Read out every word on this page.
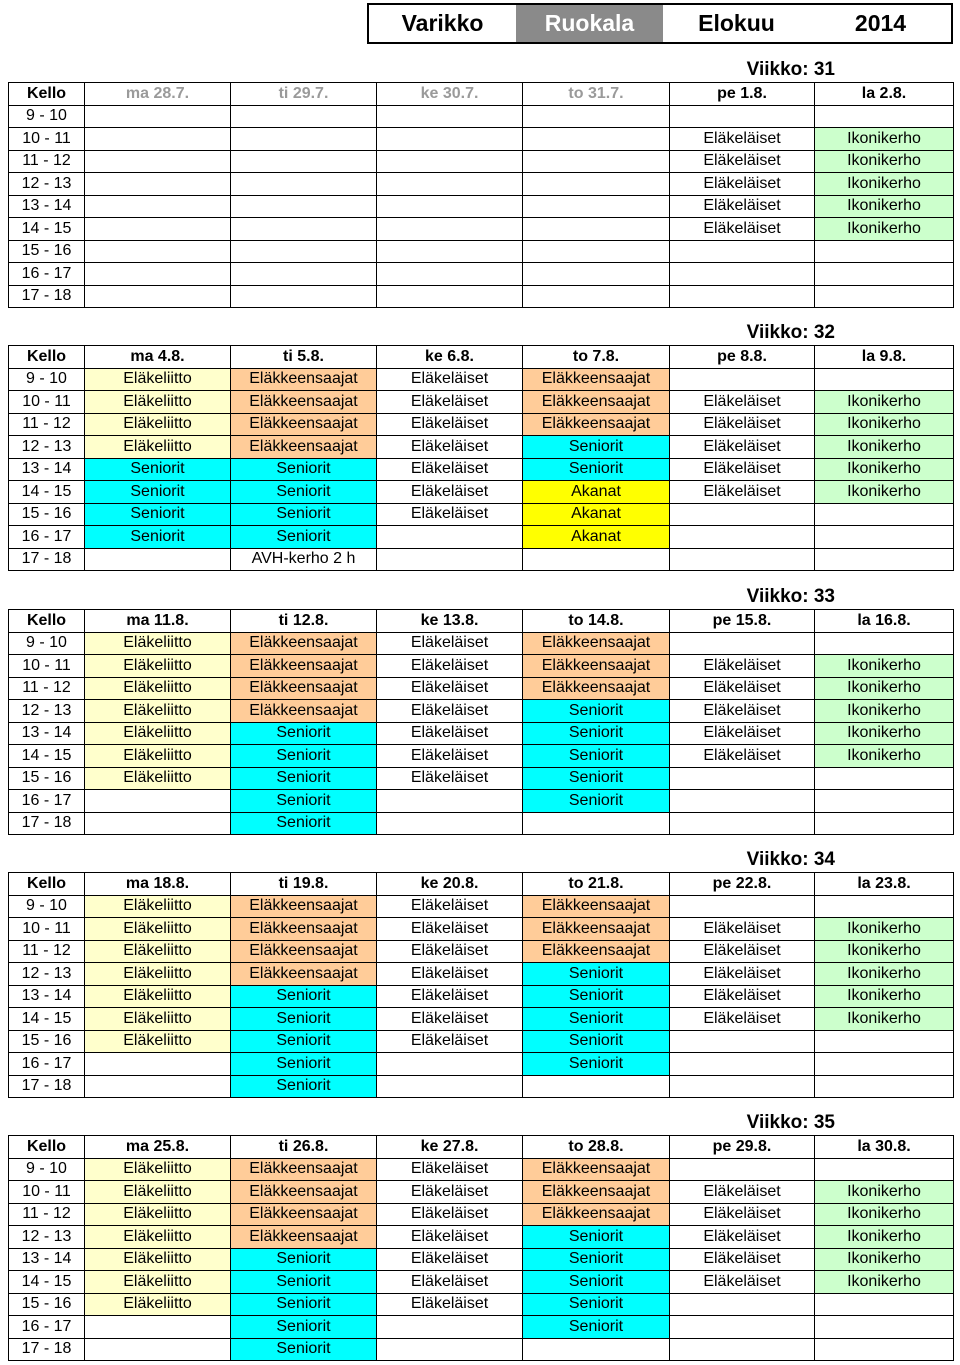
Varikko	Ruokala	Elokuu	2014
Viikko: 31
Kello	ma 28.7.	ti 29.7.	ke 30.7.	to 31.7.	pe 1.8.	la 2.8.
9 - 10						
10 - 11					Eläkeläiset	Ikonikerho
11 - 12					Eläkeläiset	Ikonikerho
12 - 13					Eläkeläiset	Ikonikerho
13 - 14					Eläkeläiset	Ikonikerho
14 - 15					Eläkeläiset	Ikonikerho
15 - 16						
16 - 17						
17 - 18						
Viikko: 32
Kello	ma 4.8.	ti 5.8.	ke 6.8.	to 7.8.	pe 8.8.	la 9.8.
9 - 10	Eläkeliitto	Eläkkeensaajat	Eläkeläiset	Eläkkeensaajat		
10 - 11	Eläkeliitto	Eläkkeensaajat	Eläkeläiset	Eläkkeensaajat	Eläkeläiset	Ikonikerho
11 - 12	Eläkeliitto	Eläkkeensaajat	Eläkeläiset	Eläkkeensaajat	Eläkeläiset	Ikonikerho
12 - 13	Eläkeliitto	Eläkkeensaajat	Eläkeläiset	Seniorit	Eläkeläiset	Ikonikerho
13 - 14	Seniorit	Seniorit	Eläkeläiset	Seniorit	Eläkeläiset	Ikonikerho
14 - 15	Seniorit	Seniorit	Eläkeläiset	Akanat	Eläkeläiset	Ikonikerho
15 - 16	Seniorit	Seniorit	Eläkeläiset	Akanat		
16 - 17	Seniorit	Seniorit		Akanat		
17 - 18		AVH-kerho 2 h				
Viikko: 33
Kello	ma 11.8.	ti 12.8.	ke 13.8.	to 14.8.	pe 15.8.	la 16.8.
9 - 10	Eläkeliitto	Eläkkeensaajat	Eläkeläiset	Eläkkeensaajat		
10 - 11	Eläkeliitto	Eläkkeensaajat	Eläkeläiset	Eläkkeensaajat	Eläkeläiset	Ikonikerho
11 - 12	Eläkeliitto	Eläkkeensaajat	Eläkeläiset	Eläkkeensaajat	Eläkeläiset	Ikonikerho
12 - 13	Eläkeliitto	Eläkkeensaajat	Eläkeläiset	Seniorit	Eläkeläiset	Ikonikerho
13 - 14	Eläkeliitto	Seniorit	Eläkeläiset	Seniorit	Eläkeläiset	Ikonikerho
14 - 15	Eläkeliitto	Seniorit	Eläkeläiset	Seniorit	Eläkeläiset	Ikonikerho
15 - 16	Eläkeliitto	Seniorit	Eläkeläiset	Seniorit		
16 - 17		Seniorit		Seniorit		
17 - 18		Seniorit				
Viikko: 34
Kello	ma 18.8.	ti 19.8.	ke 20.8.	to 21.8.	pe 22.8.	la 23.8.
9 - 10	Eläkeliitto	Eläkkeensaajat	Eläkeläiset	Eläkkeensaajat		
10 - 11	Eläkeliitto	Eläkkeensaajat	Eläkeläiset	Eläkkeensaajat	Eläkeläiset	Ikonikerho
11 - 12	Eläkeliitto	Eläkkeensaajat	Eläkeläiset	Eläkkeensaajat	Eläkeläiset	Ikonikerho
12 - 13	Eläkeliitto	Eläkkeensaajat	Eläkeläiset	Seniorit	Eläkeläiset	Ikonikerho
13 - 14	Eläkeliitto	Seniorit	Eläkeläiset	Seniorit	Eläkeläiset	Ikonikerho
14 - 15	Eläkeliitto	Seniorit	Eläkeläiset	Seniorit	Eläkeläiset	Ikonikerho
15 - 16	Eläkeliitto	Seniorit	Eläkeläiset	Seniorit		
16 - 17		Seniorit		Seniorit		
17 - 18		Seniorit				
Viikko: 35
Kello	ma 25.8.	ti 26.8.	ke 27.8.	to 28.8.	pe 29.8.	la 30.8.
9 - 10	Eläkeliitto	Eläkkeensaajat	Eläkeläiset	Eläkkeensaajat		
10 - 11	Eläkeliitto	Eläkkeensaajat	Eläkeläiset	Eläkkeensaajat	Eläkeläiset	Ikonikerho
11 - 12	Eläkeliitto	Eläkkeensaajat	Eläkeläiset	Eläkkeensaajat	Eläkeläiset	Ikonikerho
12 - 13	Eläkeliitto	Eläkkeensaajat	Eläkeläiset	Seniorit	Eläkeläiset	Ikonikerho
13 - 14	Eläkeliitto	Seniorit	Eläkeläiset	Seniorit	Eläkeläiset	Ikonikerho
14 - 15	Eläkeliitto	Seniorit	Eläkeläiset	Seniorit	Eläkeläiset	Ikonikerho
15 - 16	Eläkeliitto	Seniorit	Eläkeläiset	Seniorit		
16 - 17		Seniorit		Seniorit		
17 - 18		Seniorit				
